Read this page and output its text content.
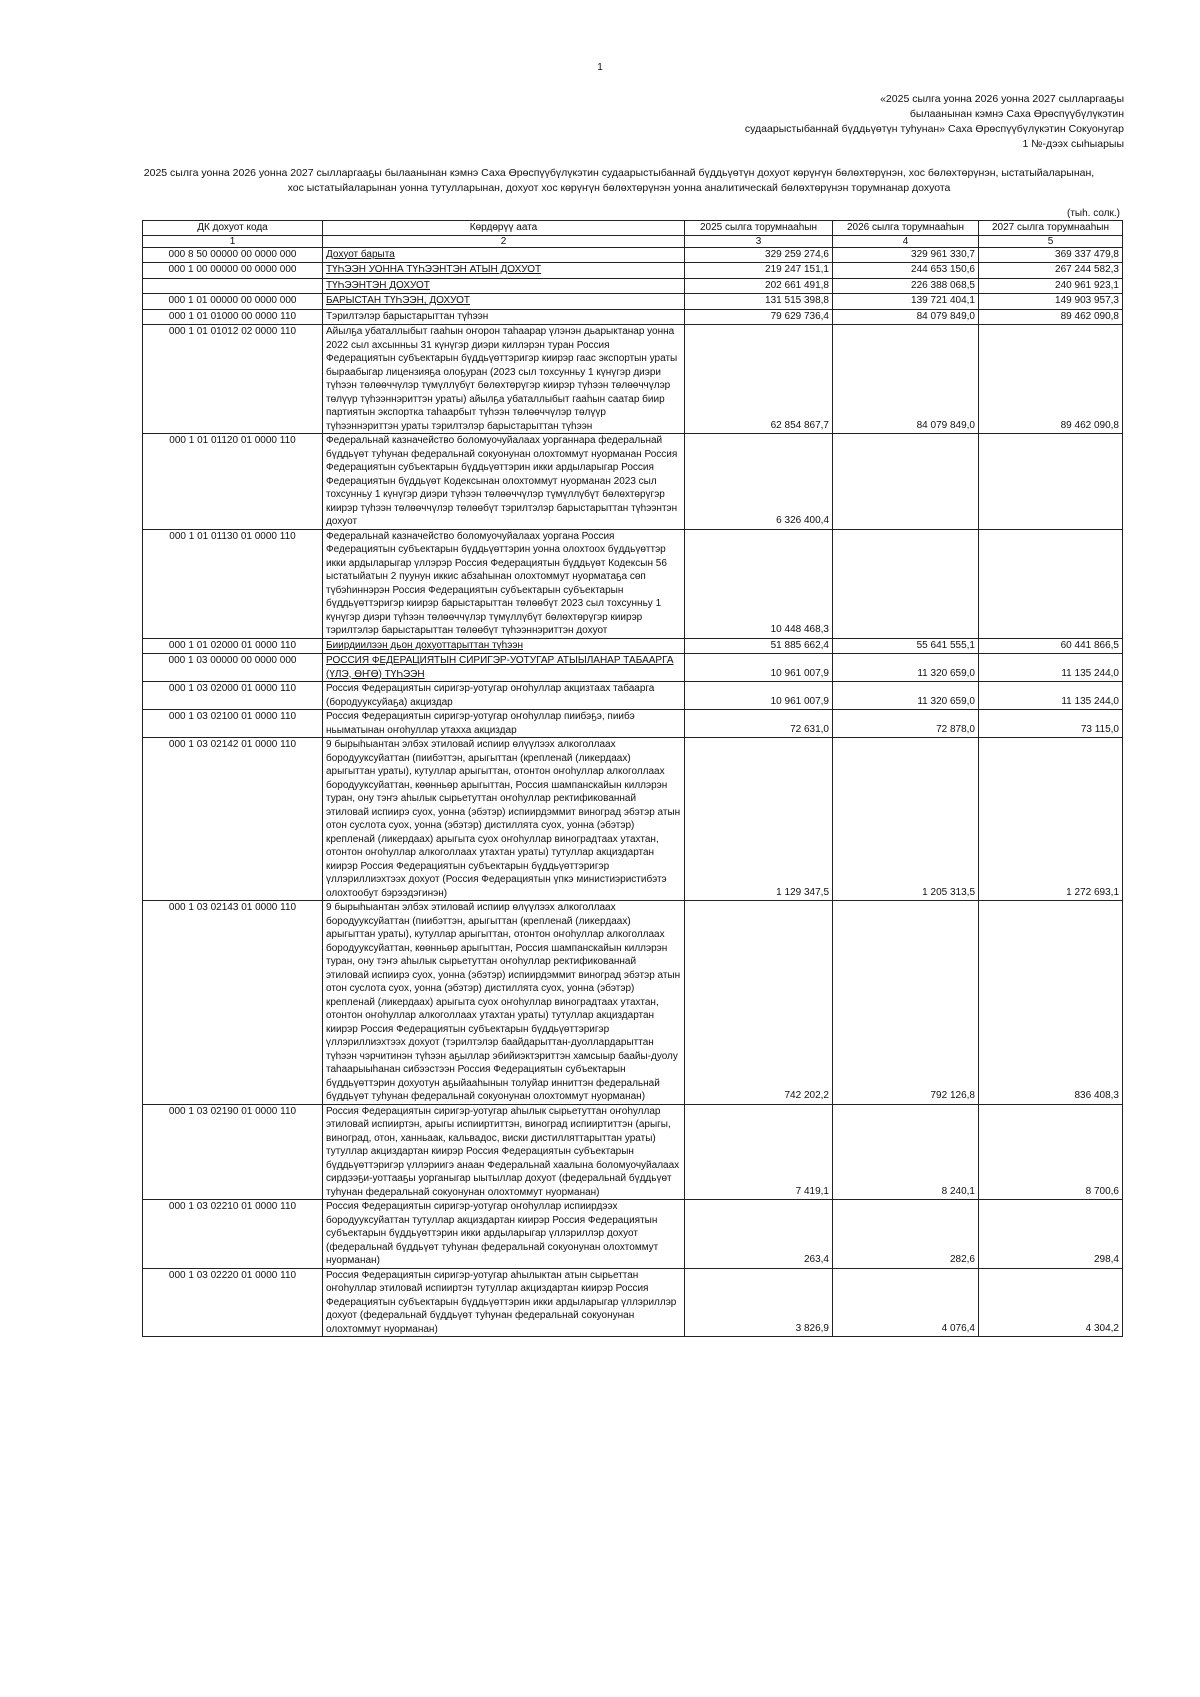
1
«2025 сылга уонна 2026 уонна 2027 сылларгааҕы
былаанынан кэмнэ Саха Өрөспүүбүлүкэтин
судаарыстыбаннай бүддьүөтүн туһунан» Саха Өрөспүүбүлүкэтин Сокуонугар
1 №-дээх сыһыарыы
2025 сылга уонна 2026 уонна 2027 сылларгааҕы былаанынан кэмнэ Саха Өрөспүүбүлүкэтин судаарыстыбаннай бүддьүөтүн дохуот көрүҥүн бөлөхтөрүнэн, хос бөлөхтөрүнэн, ыстатыйаларынан, хос ыстатыйаларынан уонна тутулларынан, дохуот хос көрүҥүн бөлөхтөрүнэн уонна аналитическай бөлөхтөрүнэн торумнанар дохуота
(тыһ. солк.)
ДК дохуот кода	Көрдөрүү аата	2025 сылга торумнааһын	2026 сылга торумнааһын	2027 сылга торумнааһын
1	2	3	4	5
000 8 50 00000 00 0000 000	Дохуот барыта	329 259 274,6	329 961 330,7	369 337 479,8
000 1 00 00000 00 0000 000	ТҮҺЭЭН УОННА ТҮҺЭЭНТЭН АТЫН ДОХУОТ	219 247 151,1	244 653 150,6	267 244 582,3
	ТҮҺЭЭНТЭН ДОХУОТ	202 661 491,8	226 388 068,5	240 961 923,1
000 1 01 00000 00 0000 000	БАРЫСТАН ТҮҺЭЭН, ДОХУОТ	131 515 398,8	139 721 404,1	149 903 957,3
000 1 01 01000 00 0000 110	Тэрилтэлэр барыстарыттан түһээн	79 629 736,4	84 079 849,0	89 462 090,8
000 1 01 01012 02 0000 110	Айылҕа убаталлыбыт гааһын оҥорон таһаарар үлэнэн дьарыктанар уонна 2022 сыл ахсынньы 31 күнүгэр диэри киллэрэн туран Россия Федерациятын субъектарын бүддьүөттэригэр киирэр гаас экспортын ураты быраабыгар лицензияҕа олоҕуран (2023 сыл тохсунньу 1 күнүгэр диэри түһээн төлөөччүлэр түмүллүбүт бөлөхтөрүгэр киирэр түһээн төлөөччүлэр төлүүр түһээннэриттэн ураты) айылҕа убаталлыбыт гааһын саатар биир партиятын экспортка таһаарбыт түһээн төлөөччүлэр төлүүр түһээннэриттэн ураты тэрилтэлэр барыстарыттан түһээн	62 854 867,7	84 079 849,0	89 462 090,8
000 1 01 01120 01 0000 110	Федеральнай казначейство боломуочуйалаах уорганнара федеральнай бүддьүөт туһунан федеральнай сокуонунан олохтоммут нуорманан Россия Федерациятын субъектарын бүддьүөттэрин икки ардыларыгар Россия Федерациятын бүддьүөт Кодексынан олохтоммут нуорманан 2023 сыл тохсунньу 1 күнүгэр диэри түһээн төлөөччүлэр түмүллүбүт бөлөхтөрүгэр киирэр түһээн төлөөччүлэр төлөөбүт тэрилтэлэр барыстарыттан түһээнтэн дохуот	6 326 400,4		
000 1 01 01130 01 0000 110	Федеральнай казначейство боломуочуйалаах уоргана Россия Федерациятын субъектарын бүддьүөттэрин уонна олохтоох бүддьүөттэр икки ардыларыгар үллэрэр Россия Федерациятын бүддьүөт Кодексын 56 ыстатыйатын 2 пуунун иккис абзаһынан олохтоммут нуорматаҕа сөп түбэһиннэрэн Россия Федерациятын субъектарын субъектарын бүддьүөттэригэр киирэр барыстарыттан төлөөбүт 2023 сыл тохсунньу 1 күнүгэр диэри түһээн төлөөччүлэр түмүллүбүт бөлөхтөрүгэр киирэр тэрилтэлэр барыстарыттан төлөөбүт түһээннэриттэн дохуот	10 448 468,3		
000 1 01 02000 01 0000 110	Биирдиилээн дьон дохуоттарыттан түһээн	51 885 662,4	55 641 555,1	60 441 866,5
000 1 03 00000 00 0000 000	РОССИЯ ФЕДЕРАЦИЯТЫН СИРИГЭР-УОТУГАР АТЫЫЛАНАР ТАБААРГА (ҮЛЭ, ӨҤӨ) ТҮҺЭЭН	10 961 007,9	11 320 659,0	11 135 244,0
000 1 03 02000 01 0000 110	Россия Федерациятын сиригэр-уотугар оҥоһуллар акцизтаах табаарга (бородууксуйаҕа) акциздар	10 961 007,9	11 320 659,0	11 135 244,0
000 1 03 02100 01 0000 110	Россия Федерациятын сиригэр-уотугар оҥоһуллар пиибэҕэ, пиибэ ньыматынан оҥоһуллар утахха акциздар	72 631,0	72 878,0	73 115,0
000 1 03 02142 01 0000 110	9 бырыһыантан элбэх этиловай испиир өлүүлээх алкоголлаах бородууксуйаттан (пиибэттэн, арыгыттан (крепленай (ликердаах) арыгыттан ураты), кутуллар арыгыттан, отонтон оҥоһуллар алкоголлаах бородууксуйаттан, көөнньөр арыгыттан, Россия шампанскайын киллэрэн туран, ону тэҥэ аһылык сырьетуттан оҥоһуллар ректификованнай этиловай испиирэ суох, уонна (эбэтэр) испиирдэммит виноград эбэтэр атын отон суслота суох, уонна (эбэтэр) дистиллята суох, уонна (эбэтэр) крепленай (ликердаах) арыгыта суох оҥоһуллар виноградтаах утахтан, отонтон оҥоһуллар алкоголлаах утахтан ураты) тутуллар акциздартан киирэр Россия Федерациятын субъектарын бүддьүөттэригэр үллэриллиэхтээх дохуот (Россия Федерациятын үпкэ министиэристибэтэ олохтообут бэрээдэгинэн)	1 129 347,5	1 205 313,5	1 272 693,1
000 1 03 02143 01 0000 110	9 бырыһыантан элбэх этиловай испиир өлүүлээх алкоголлаах бородууксуйаттан (пиибэттэн, арыгыттан (крепленай (ликердаах) арыгыттан ураты), кутуллар арыгыттан, отонтон оҥоһуллар алкоголлаах бородууксуйаттан, көөнньөр арыгыттан, Россия шампанскайын киллэрэн туран, ону тэҥэ аһылык сырьетуттан оҥоһуллар ректификованнай этиловай испиирэ суох, уонна (эбэтэр) испиирдэммит виноград эбэтэр атын отон суслота суох, уонна (эбэтэр) дистиллята суох, уонна (эбэтэр) крепленай (ликердаах) арыгыта суох оҥоһуллар виноградтаах утахтан, отонтон оҥоһуллар алкоголлаах утахтан ураты) тутуллар акциздартан киирэр Россия Федерациятын субъектарын бүддьүөттэригэр үллэриллиэхтээх дохуот (тэрилтэлэр баайдарыттан-дуоллардарыттан түһээн чэрчитинэн түһээн аҕыллар эбийиэктэриттэн хамсыыр баайы-дуолу таһаарыыһанан сибээстээн Россия Федерациятын субъектарын бүддьүөттэрин дохуотун аҕыйааһынын толуйар инниттэн федеральнай бүддьүөт туһунан федеральнай сокуонунан олохтоммут нуорманан)	742 202,2	792 126,8	836 408,3
000 1 03 02190 01 0000 110	Россия Федерациятын сиригэр-уотугар аһылык сырьетуттан оҥоһуллар этиловай испииртэн, арыгы испииртиттэн, виноград испииртиттэн (арыгы, виноград, отон, ханньаак, кальвадос, виски дистилляттарыттан ураты) тутуллар акциздартан киирэр Россия Федерациятын субъектарын бүддьүөттэригэр үллэриигэ анаан Федеральнай хаалына боломуочуйалаах сирдээҕи-уоттааҕы уорганыгар ыытыллар дохуот (федеральнай бүддьүөт туһунан федеральнай сокуонунан олохтоммут нуорманан)	7 419,1	8 240,1	8 700,6
000 1 03 02210 01 0000 110	Россия Федерациятын сиригэр-уотугар оҥоһуллар испиирдээх бородууксуйаттан тутуллар акциздартан киирэр Россия Федерациятын субъектарын бүддьүөттэрин икки ардыларыгар үллэриллэр дохуот (федеральнай бүддьүөт туһунан федеральнай сокуонунан олохтоммут нуорманан)	263,4	282,6	298,4
000 1 03 02220 01 0000 110	Россия Федерациятын сиригэр-уотугар аһылыктан атын сырьеттан оҥоһуллар этиловай испииртэн тутуллар акциздартан киирэр Россия Федерациятын субъектарын бүддьүөттэрин икки ардыларыгар үллэриллэр дохуот (федеральнай бүддьүөт туһунан федеральнай сокуонунан олохтоммут нуорманан)	3 826,9	4 076,4	4 304,2
